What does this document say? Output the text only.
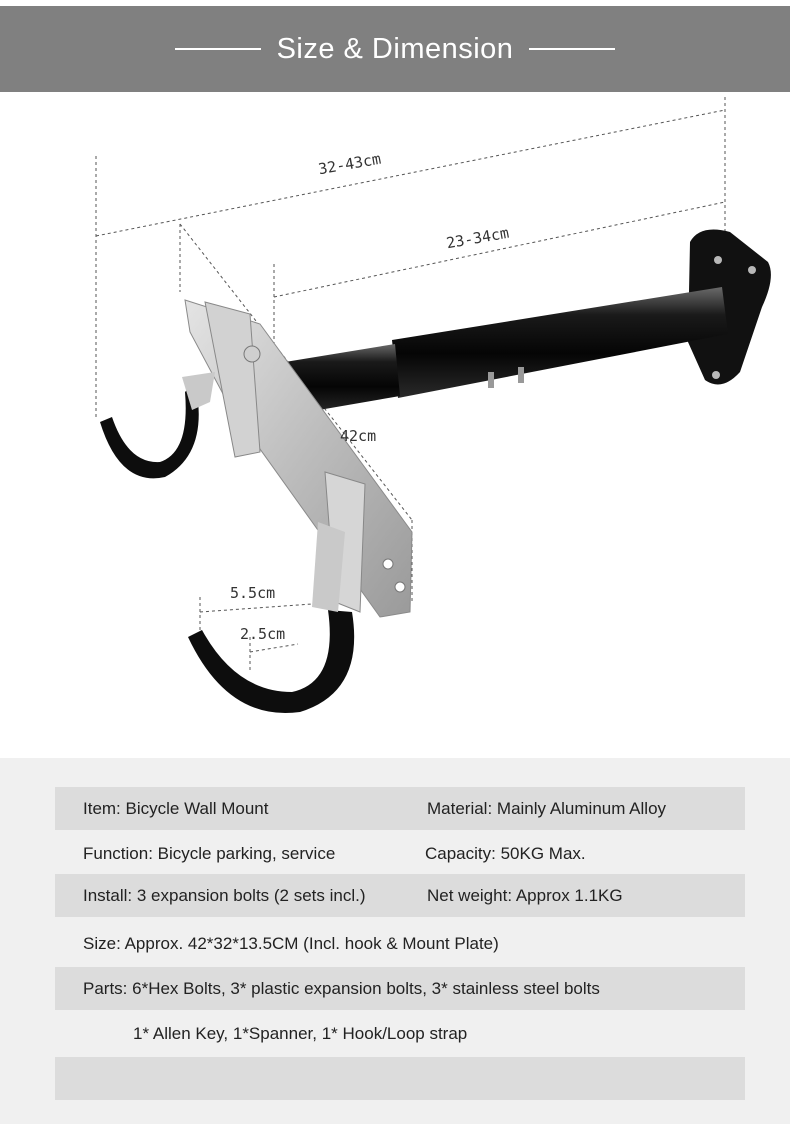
Size & Dimension
32-43cm
23-34cm
42cm
5.5cm
2.5cm
Item: Bicycle Wall Mount	Material: Mainly Aluminum Alloy
Function: Bicycle parking, service	Capacity: 50KG Max.
Install: 3 expansion bolts (2 sets incl.)	Net weight: Approx 1.1KG
Size: Approx. 42*32*13.5CM (Incl. hook & Mount Plate)
Parts: 6*Hex Bolts, 3* plastic expansion bolts, 3* stainless steel bolts
1* Allen Key, 1*Spanner, 1* Hook/Loop strap
